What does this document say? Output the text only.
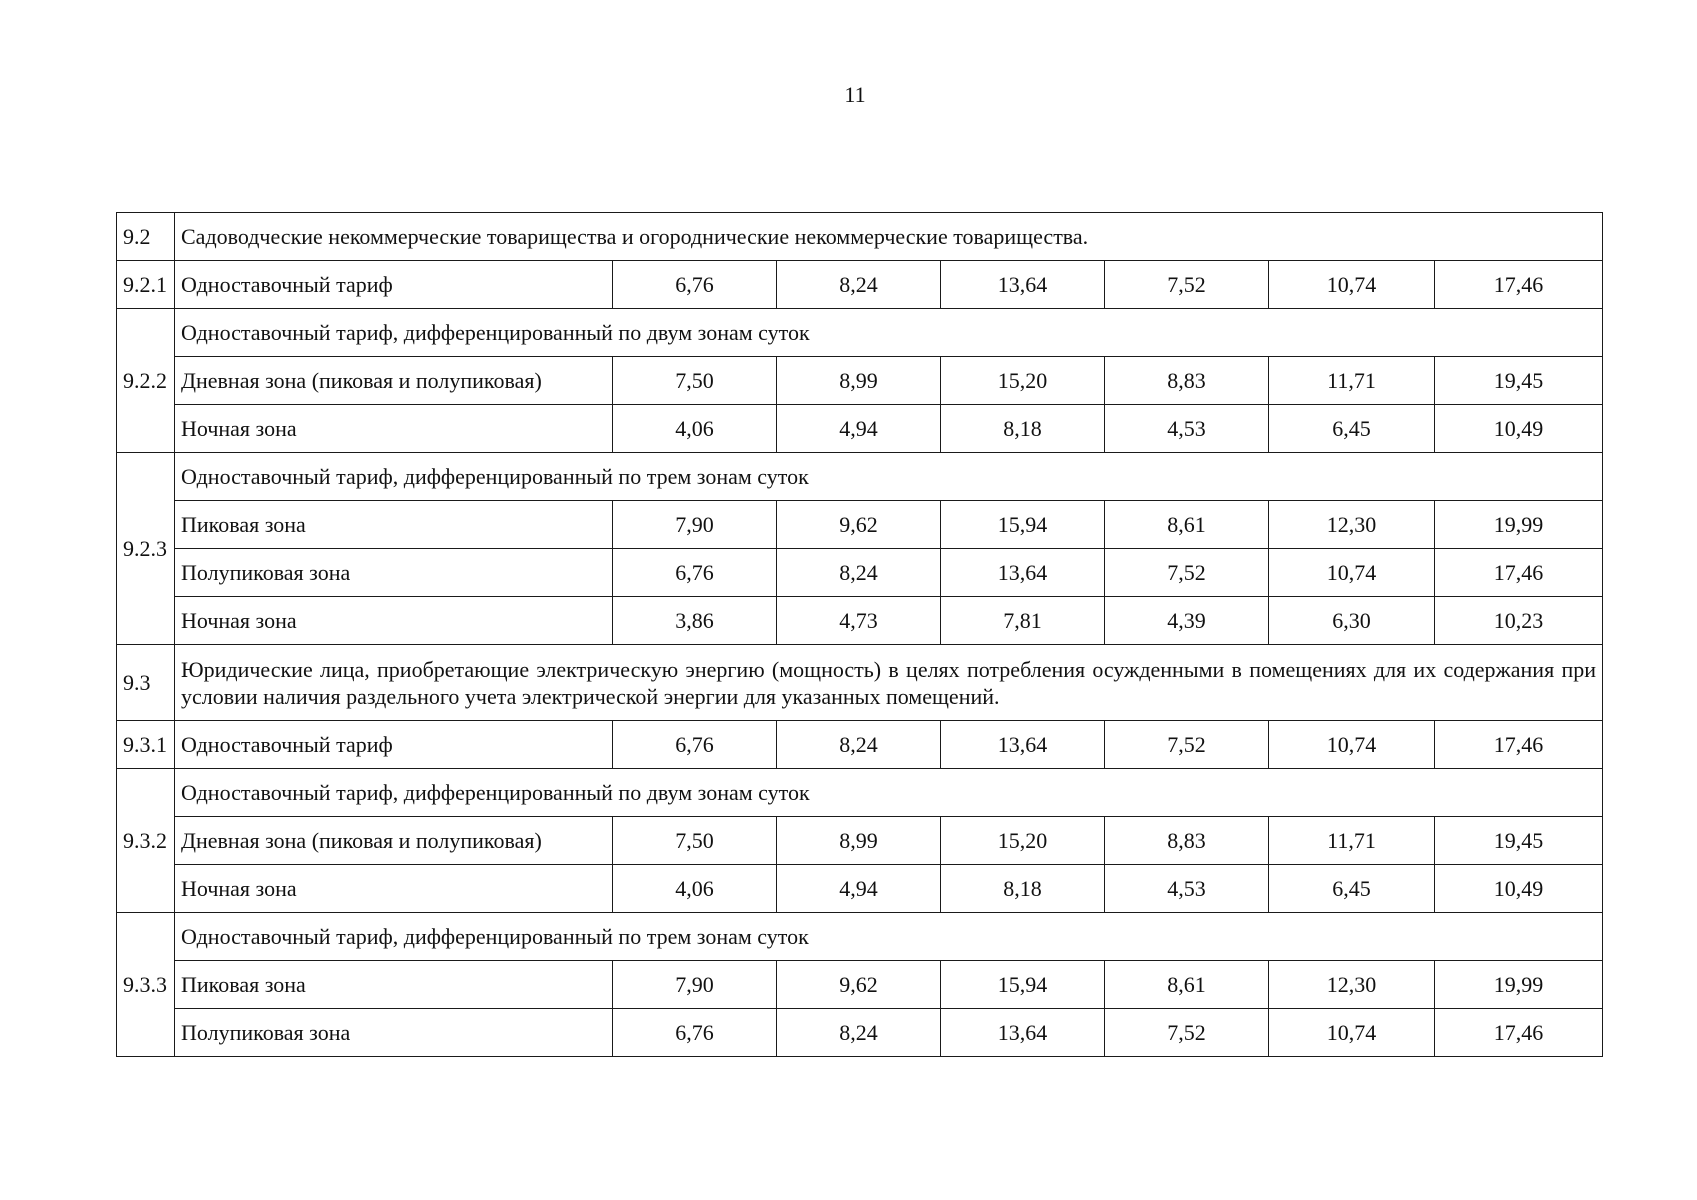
11
9.2	Садоводческие некоммерческие товарищества и огороднические некоммерческие товарищества.						
9.2.1	Одноставочный тариф	6,76	8,24	13,64	7,52	10,74	17,46
9.2.2	Одноставочный тариф, дифференцированный по двум зонам суток						
	Дневная зона (пиковая и полупиковая)	7,50	8,99	15,20	8,83	11,71	19,45
	Ночная зона	4,06	4,94	8,18	4,53	6,45	10,49
9.2.3	Одноставочный тариф, дифференцированный по трем зонам суток						
	Пиковая зона	7,90	9,62	15,94	8,61	12,30	19,99
	Полупиковая зона	6,76	8,24	13,64	7,52	10,74	17,46
	Ночная зона	3,86	4,73	7,81	4,39	6,30	10,23
9.3	Юридические лица, приобретающие электрическую энергию (мощность) в целях потребления осужденными в помещениях для их содержания при условии наличия раздельного учета электрической энергии для указанных помещений.						
9.3.1	Одноставочный тариф	6,76	8,24	13,64	7,52	10,74	17,46
9.3.2	Одноставочный тариф, дифференцированный по двум зонам суток						
	Дневная зона (пиковая и полупиковая)	7,50	8,99	15,20	8,83	11,71	19,45
	Ночная зона	4,06	4,94	8,18	4,53	6,45	10,49
9.3.3	Одноставочный тариф, дифференцированный по трем зонам суток						
	Пиковая зона	7,90	9,62	15,94	8,61	12,30	19,99
	Полупиковая зона	6,76	8,24	13,64	7,52	10,74	17,46
